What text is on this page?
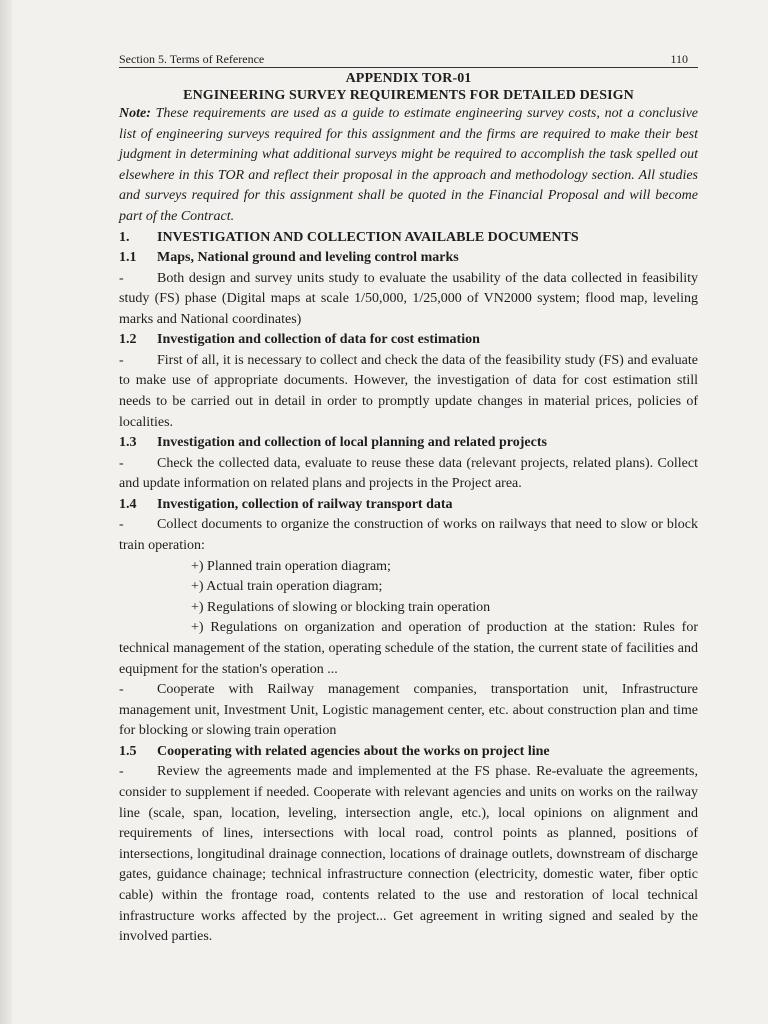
Section 5. Terms of Reference	110
APPENDIX TOR-01
ENGINEERING SURVEY REQUIREMENTS FOR DETAILED DESIGN

Note: These requirements are used as a guide to estimate engineering survey costs, not a conclusive list of engineering surveys required for this assignment and the firms are required to make their best judgment in determining what additional surveys might be required to accomplish the task spelled out elsewhere in this TOR and reflect their proposal in the approach and methodology section. All studies and surveys required for this assignment shall be quoted in the Financial Proposal and will become part of the Contract.

1.	INVESTIGATION AND COLLECTION AVAILABLE DOCUMENTS
1.1	Maps, National ground and leveling control marks

- Both design and survey units study to evaluate the usability of the data collected in feasibility study (FS) phase (Digital maps at scale 1/50,000, 1/25,000 of VN2000 system; flood map, leveling marks and National coordinates)

1.2	Investigation and collection of data for cost estimation

- First of all, it is necessary to collect and check the data of the feasibility study (FS) and evaluate to make use of appropriate documents. However, the investigation of data for cost estimation still needs to be carried out in detail in order to promptly update changes in material prices, policies of localities.

1.3	Investigation and collection of local planning and related projects

- Check the collected data, evaluate to reuse these data (relevant projects, related plans). Collect and update information on related plans and projects in the Project area.

1.4	Investigation, collection of railway transport data

- Collect documents to organize the construction of works on railways that need to slow or block train operation:

+) Planned train operation diagram;

+) Actual train operation diagram;

+) Regulations of slowing or blocking train operation

+) Regulations on organization and operation of production at the station: Rules for technical management of the station, operating schedule of the station, the current state of facilities and equipment for the station's operation ...

- Cooperate with Railway management companies, transportation unit, Infrastructure management unit, Investment Unit, Logistic management center, etc. about construction plan and time for blocking or slowing train operation

1.5	Cooperating with related agencies about the works on project line

- Review the agreements made and implemented at the FS phase. Re-evaluate the agreements, consider to supplement if needed. Cooperate with relevant agencies and units on works on the railway line (scale, span, location, leveling, intersection angle, etc.), local opinions on alignment and requirements of lines, intersections with local road, control points as planned, positions of intersections, longitudinal drainage connection, locations of drainage outlets, downstream of discharge gates, guidance chainage; technical infrastructure connection (electricity, domestic water, fiber optic cable) within the frontage road, contents related to the use and restoration of local technical infrastructure works affected by the project... Get agreement in writing signed and sealed by the involved parties.
